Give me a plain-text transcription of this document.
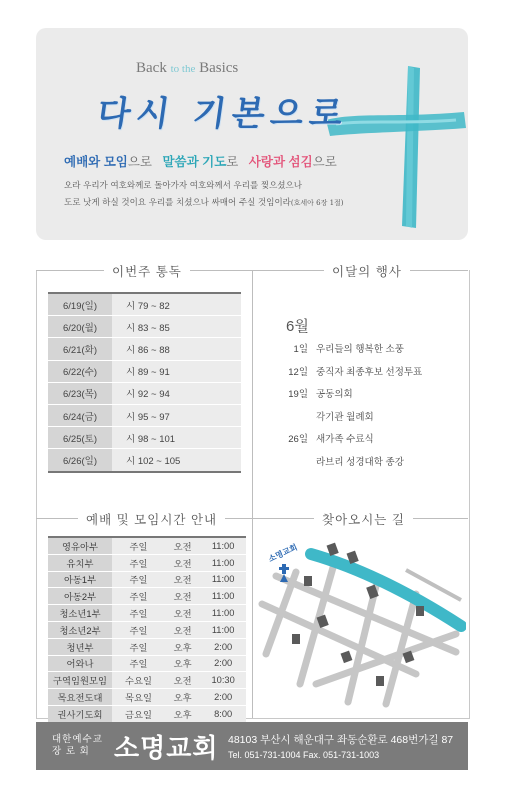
Back to the Basics
다시 기본으로
예배와 모임으로 말씀과 기도로 사랑과 섬김으로
오라 우리가 여호와께로 돌아가자 여호와께서 우리를 찢으셨으나
도로 낫게 하실 것이요 우리를 치셨으나 싸매어 주실 것임이라(호세아 6장 1절)
이번주 통독	이달의 행사
예배 및 모임시간 안내	찾아오시는 길
6/19(일)	시 79 ~ 82
6/20(월)	시 83 ~ 85
6/21(화)	시 86 ~ 88
6/22(수)	시 89 ~ 91
6/23(목)	시 92 ~ 94
6/24(금)	시 95 ~ 97
6/25(토)	시 98 ~ 101
6/26(일)	시 102 ~ 105
6월
1일 우리들의 행복한 소풍
12일 중직자 최종후보 선정투표
19일 공동의회
각기관 월례회
26일 새가족 수료식
라브리 성경대학 종강
영유아부	주일	오전	11:00
유치부	주일	오전	11:00
아동1부	주일	오전	11:00
아동2부	주일	오전	11:00
청소년1부	주일	오전	11:00
청소년2부	주일	오전	11:00
청년부	주일	오후	2:00
어와나	주일	오후	2:00
구역임원모임	수요일	오전	10:30
목요전도대	목요일	오후	2:00
권사기도회	금요일	오후	8:00
소명교회
대한예수교
장 로 회 소명교회 48103 부산시 해운대구 좌동순환로 468번가길 87
Tel. 051-731-1004 Fax. 051-731-1003
